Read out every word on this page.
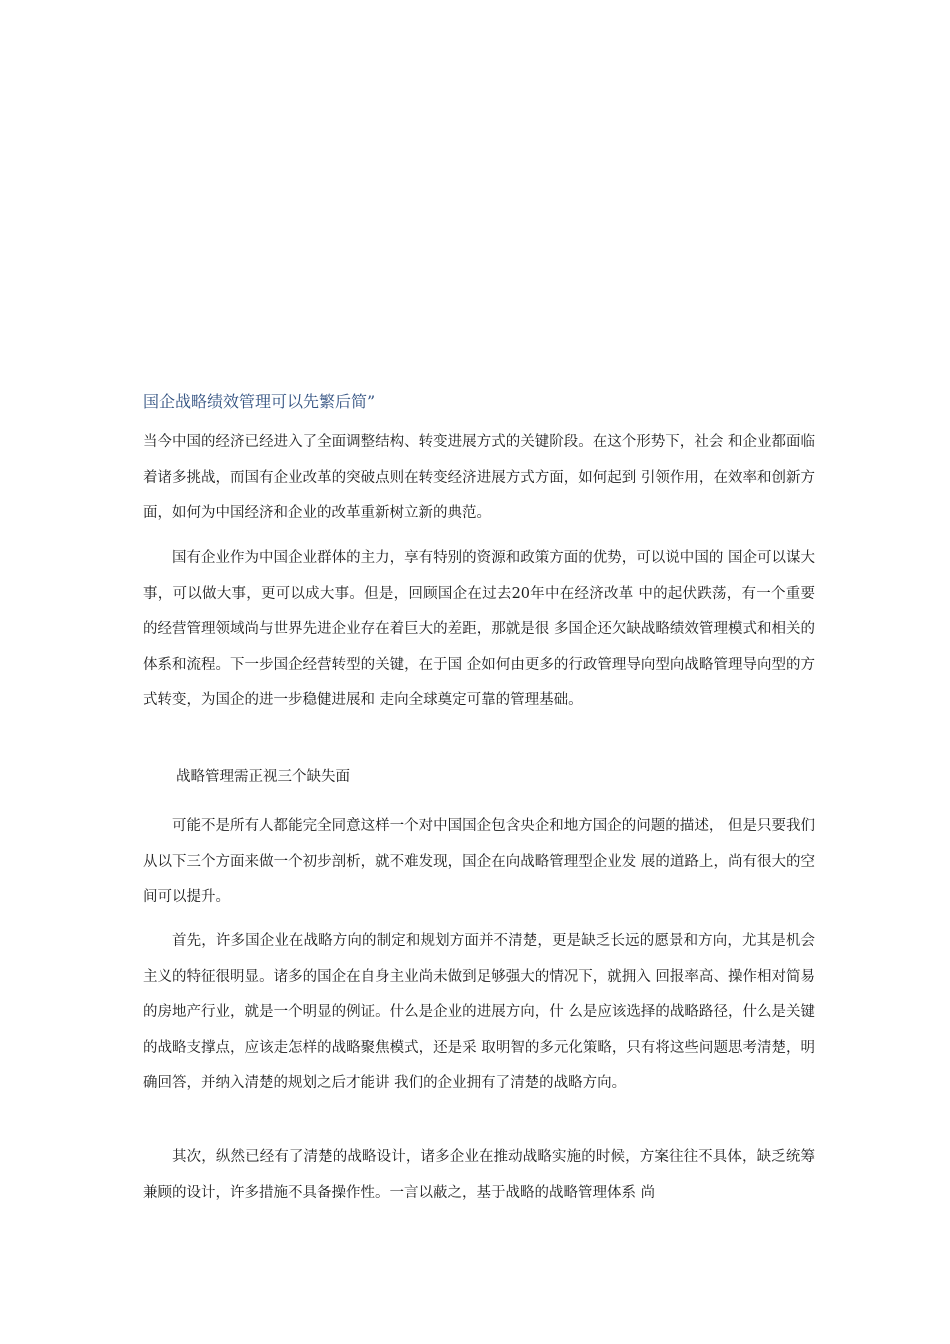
国企战略绩效管理可以先繁后简”

当今中国的经济已经进入了全面调整结构、转变进展方式的关键阶段。在这个形势下，社会 和企业都面临着诸多挑战，而国有企业改革的突破点则在转变经济进展方式方面，如何起到 引领作用，在效率和创新方面，如何为中国经济和企业的改革重新树立新的典范。

国有企业作为中国企业群体的主力，享有特别的资源和政策方面的优势，可以说中国的 国企可以谋大事，可以做大事，更可以成大事。但是，回顾国企在过去20年中在经济改革 中的起伏跌荡，有一个重要的经营管理领域尚与世界先进企业存在着巨大的差距，那就是很 多国企还欠缺战略绩效管理模式和相关的体系和流程。下一步国企经营转型的关键，在于国 企如何由更多的行政管理导向型向战略管理导向型的方式转变，为国企的进一步稳健进展和 走向全球奠定可靠的管理基础。

战略管理需正视三个缺失面

可能不是所有人都能完全同意这样一个对中国国企包含央企和地方国企的问题的描述， 但是只要我们从以下三个方面来做一个初步剖析，就不难发现，国企在向战略管理型企业发 展的道路上，尚有很大的空间可以提升。

首先，许多国企业在战略方向的制定和规划方面并不清楚，更是缺乏长远的愿景和方向，尤其是机会主义的特征很明显。诸多的国企在自身主业尚未做到足够强大的情况下，就拥入 回报率高、操作相对简易的房地产行业，就是一个明显的例证。什么是企业的进展方向，什 么是应该选择的战略路径，什么是关键的战略支撑点，应该走怎样的战略聚焦模式，还是采 取明智的多元化策略，只有将这些问题思考清楚，明确回答，并纳入清楚的规划之后才能讲 我们的企业拥有了清楚的战略方向。

其次，纵然已经有了清楚的战略设计，诸多企业在推动战略实施的时候，方案往往不具体，缺乏统筹兼顾的设计，许多措施不具备操作性。一言以蔽之，基于战略的战略管理体系 尚
